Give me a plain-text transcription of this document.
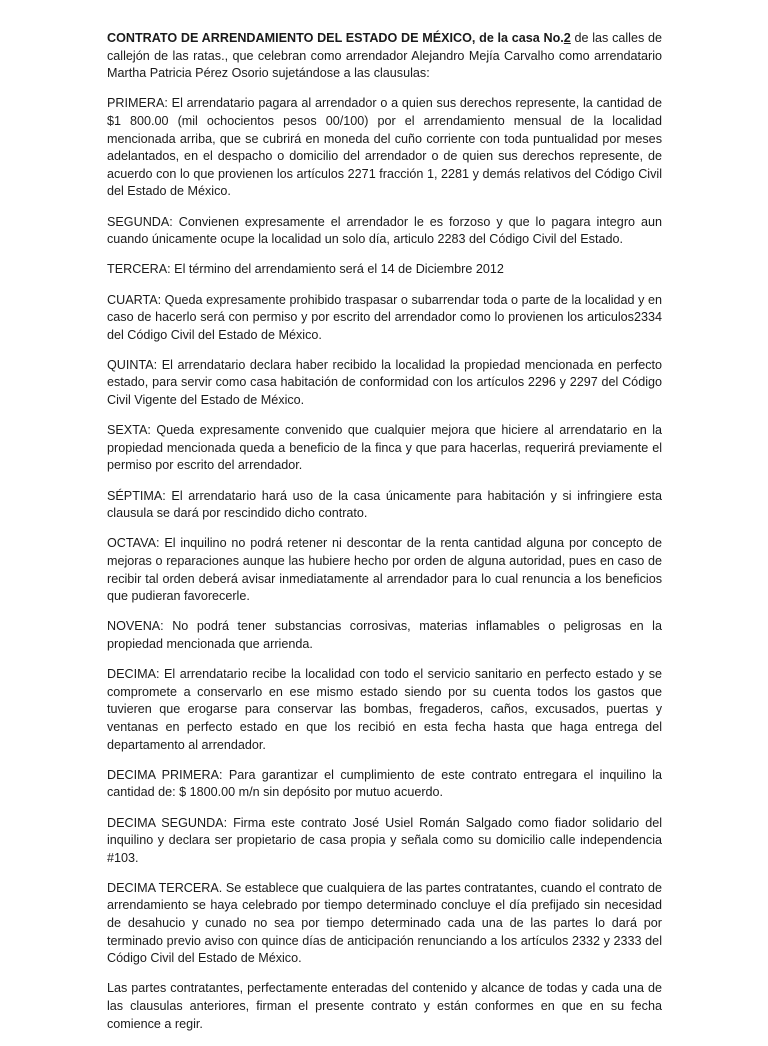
CONTRATO DE ARRENDAMIENTO DEL ESTADO DE MÉXICO, de la casa No.2 de las calles de callejón de las ratas., que celebran como arrendador Alejandro Mejía Carvalho como arrendatario Martha Patricia Pérez Osorio sujetándose a las clausulas:

PRIMERA: El arrendatario pagara al arrendador o a quien sus derechos represente, la cantidad de $1 800.00 (mil ochocientos pesos 00/100) por el arrendamiento mensual de la localidad mencionada arriba, que se cubrirá en moneda del cuño corriente con toda puntualidad por meses adelantados, en el despacho o domicilio del arrendador o de quien sus derechos represente, de acuerdo con lo que provienen los artículos 2271 fracción 1, 2281 y demás relativos del Código Civil del Estado de México.

SEGUNDA: Convienen expresamente el arrendador le es forzoso y que lo pagara integro aun cuando únicamente ocupe la localidad un solo día, articulo 2283 del Código Civil del Estado.

TERCERA: El término del arrendamiento será el 14 de Diciembre 2012

CUARTA: Queda expresamente prohibido traspasar o subarrendar toda o parte de la localidad y en caso de hacerlo será con permiso y por escrito del arrendador como lo provienen los articulos2334 del Código Civil del Estado de México.

QUINTA: El arrendatario declara haber recibido la localidad la propiedad mencionada en perfecto estado, para servir como casa habitación de conformidad con los artículos 2296 y 2297 del Código Civil Vigente del Estado de México.

SEXTA: Queda expresamente convenido que cualquier mejora que hiciere al arrendatario en la propiedad mencionada queda a beneficio de la finca y que para hacerlas, requerirá previamente el permiso por escrito del arrendador.

SÉPTIMA: El arrendatario hará uso de la casa únicamente para habitación y si infringiere esta clausula se dará por rescindido dicho contrato.

OCTAVA: El inquilino no podrá retener ni descontar de la renta cantidad alguna por concepto de mejoras o reparaciones aunque las hubiere hecho por orden de alguna autoridad, pues en caso de recibir tal orden deberá avisar inmediatamente al arrendador para lo cual renuncia a los beneficios que pudieran favorecerle.

NOVENA: No podrá tener substancias corrosivas, materias inflamables o peligrosas en la propiedad mencionada que arrienda.

DECIMA: El arrendatario recibe la localidad con todo el servicio sanitario en perfecto estado y se compromete a conservarlo en ese mismo estado siendo por su cuenta todos los gastos que tuvieren que erogarse para conservar las bombas, fregaderos, caños, excusados, puertas y ventanas en perfecto estado en que los recibió en esta fecha hasta que haga entrega del departamento al arrendador.

DECIMA PRIMERA: Para garantizar el cumplimiento de este contrato entregara el inquilino la cantidad de: $ 1800.00 m/n sin depósito por mutuo acuerdo.

DECIMA SEGUNDA: Firma este contrato José Usiel Román Salgado como fiador solidario del inquilino y declara ser propietario de casa propia y señala como su domicilio calle independencia #103.

DECIMA TERCERA. Se establece que cualquiera de las partes contratantes, cuando el contrato de arrendamiento se haya celebrado por tiempo determinado concluye el día prefijado sin necesidad de desahucio y cunado no sea por tiempo determinado cada una de las partes lo dará por terminado previo aviso con quince días de anticipación renunciando a los artículos 2332 y 2333 del Código Civil del Estado de México.

Las partes contratantes, perfectamente enteradas del contenido y alcance de todas y cada una de las clausulas anteriores, firman el presente contrato y están conformes en que en su fecha comience a regir.
